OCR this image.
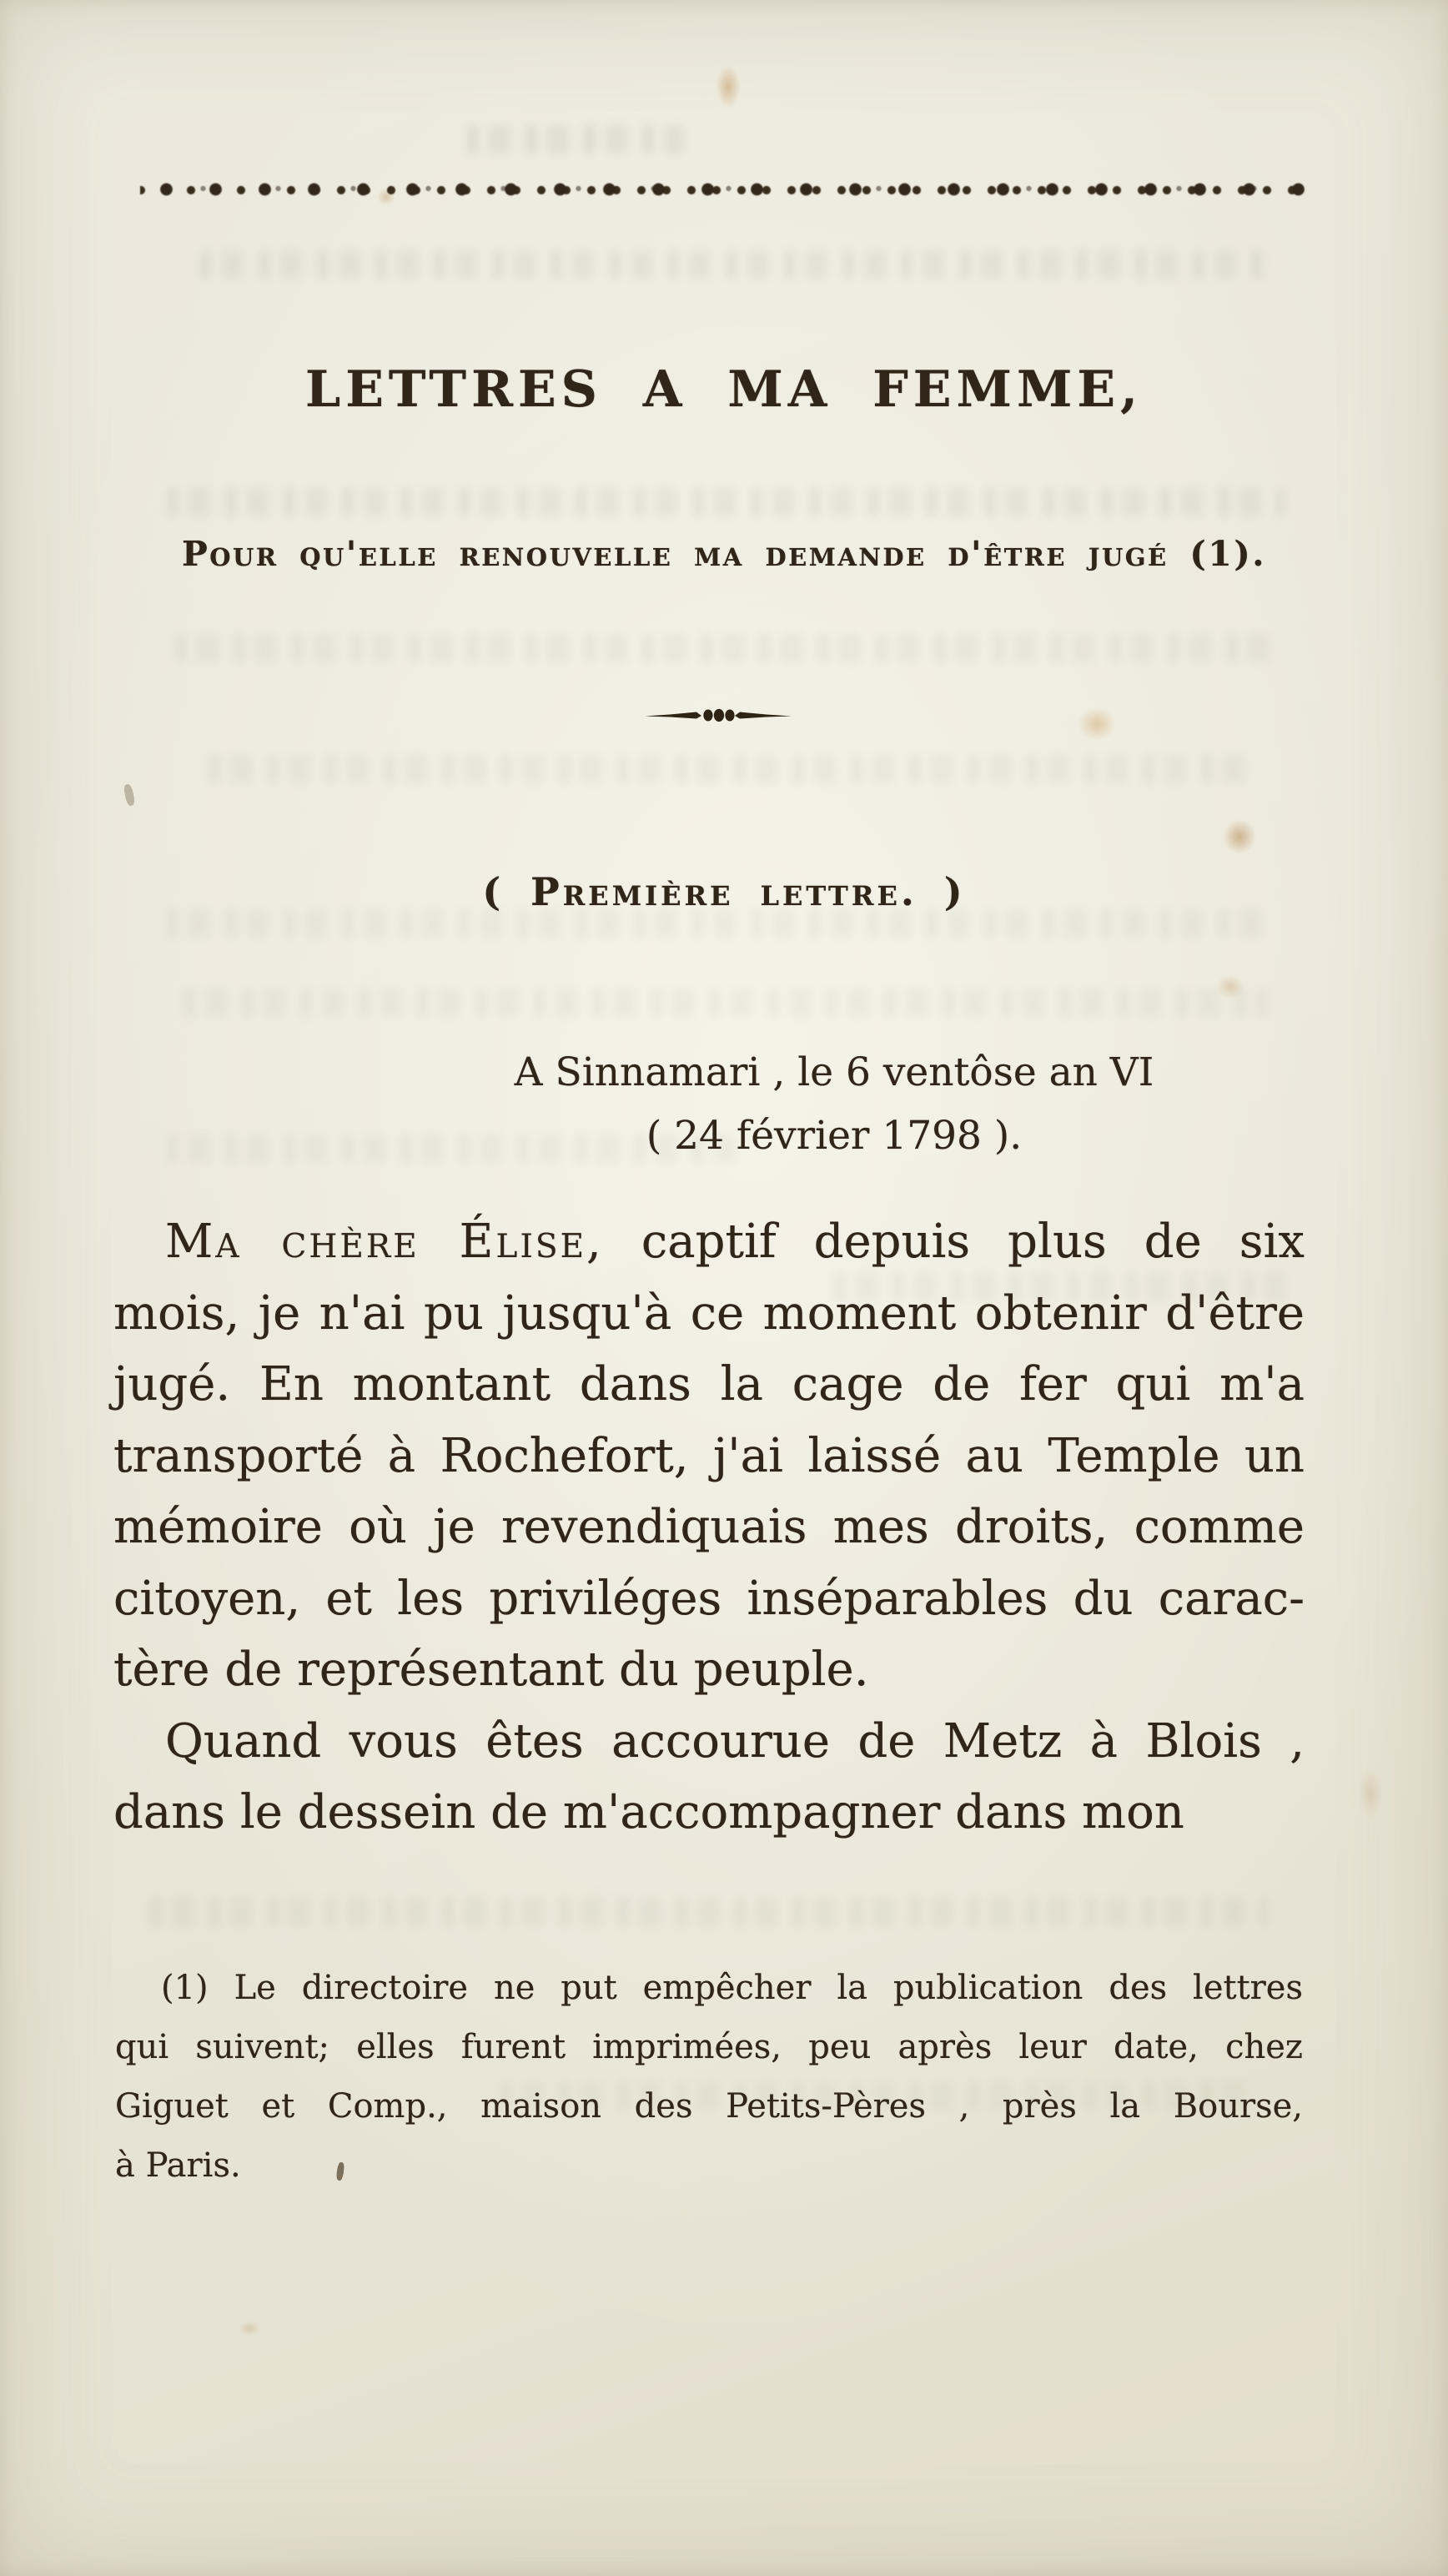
LETTRES A MA FEMME,
Pour qu'elle renouvelle ma demande d'être jugé (1).
( Première lettre. )
A Sinnamari , le 6 ventôse an VI
( 24 février 1798 ).
Ma chère Élise, captif depuis plus de six
mois, je n'ai pu jusqu'à ce moment obtenir d'être
jugé. En montant dans la cage de fer qui m'a
transporté à Rochefort, j'ai laissé au Temple un
mémoire où je revendiquais mes droits, comme
citoyen, et les priviléges inséparables du carac-
tère de représentant du peuple.
Quand vous êtes accourue de Metz à Blois ,
dans le dessein de m'accompagner dans mon
(1) Le directoire ne put empêcher la publication des lettres
qui suivent; elles furent imprimées, peu après leur date, chez
Giguet et Comp., maison des Petits-Pères , près la Bourse,
à Paris.
